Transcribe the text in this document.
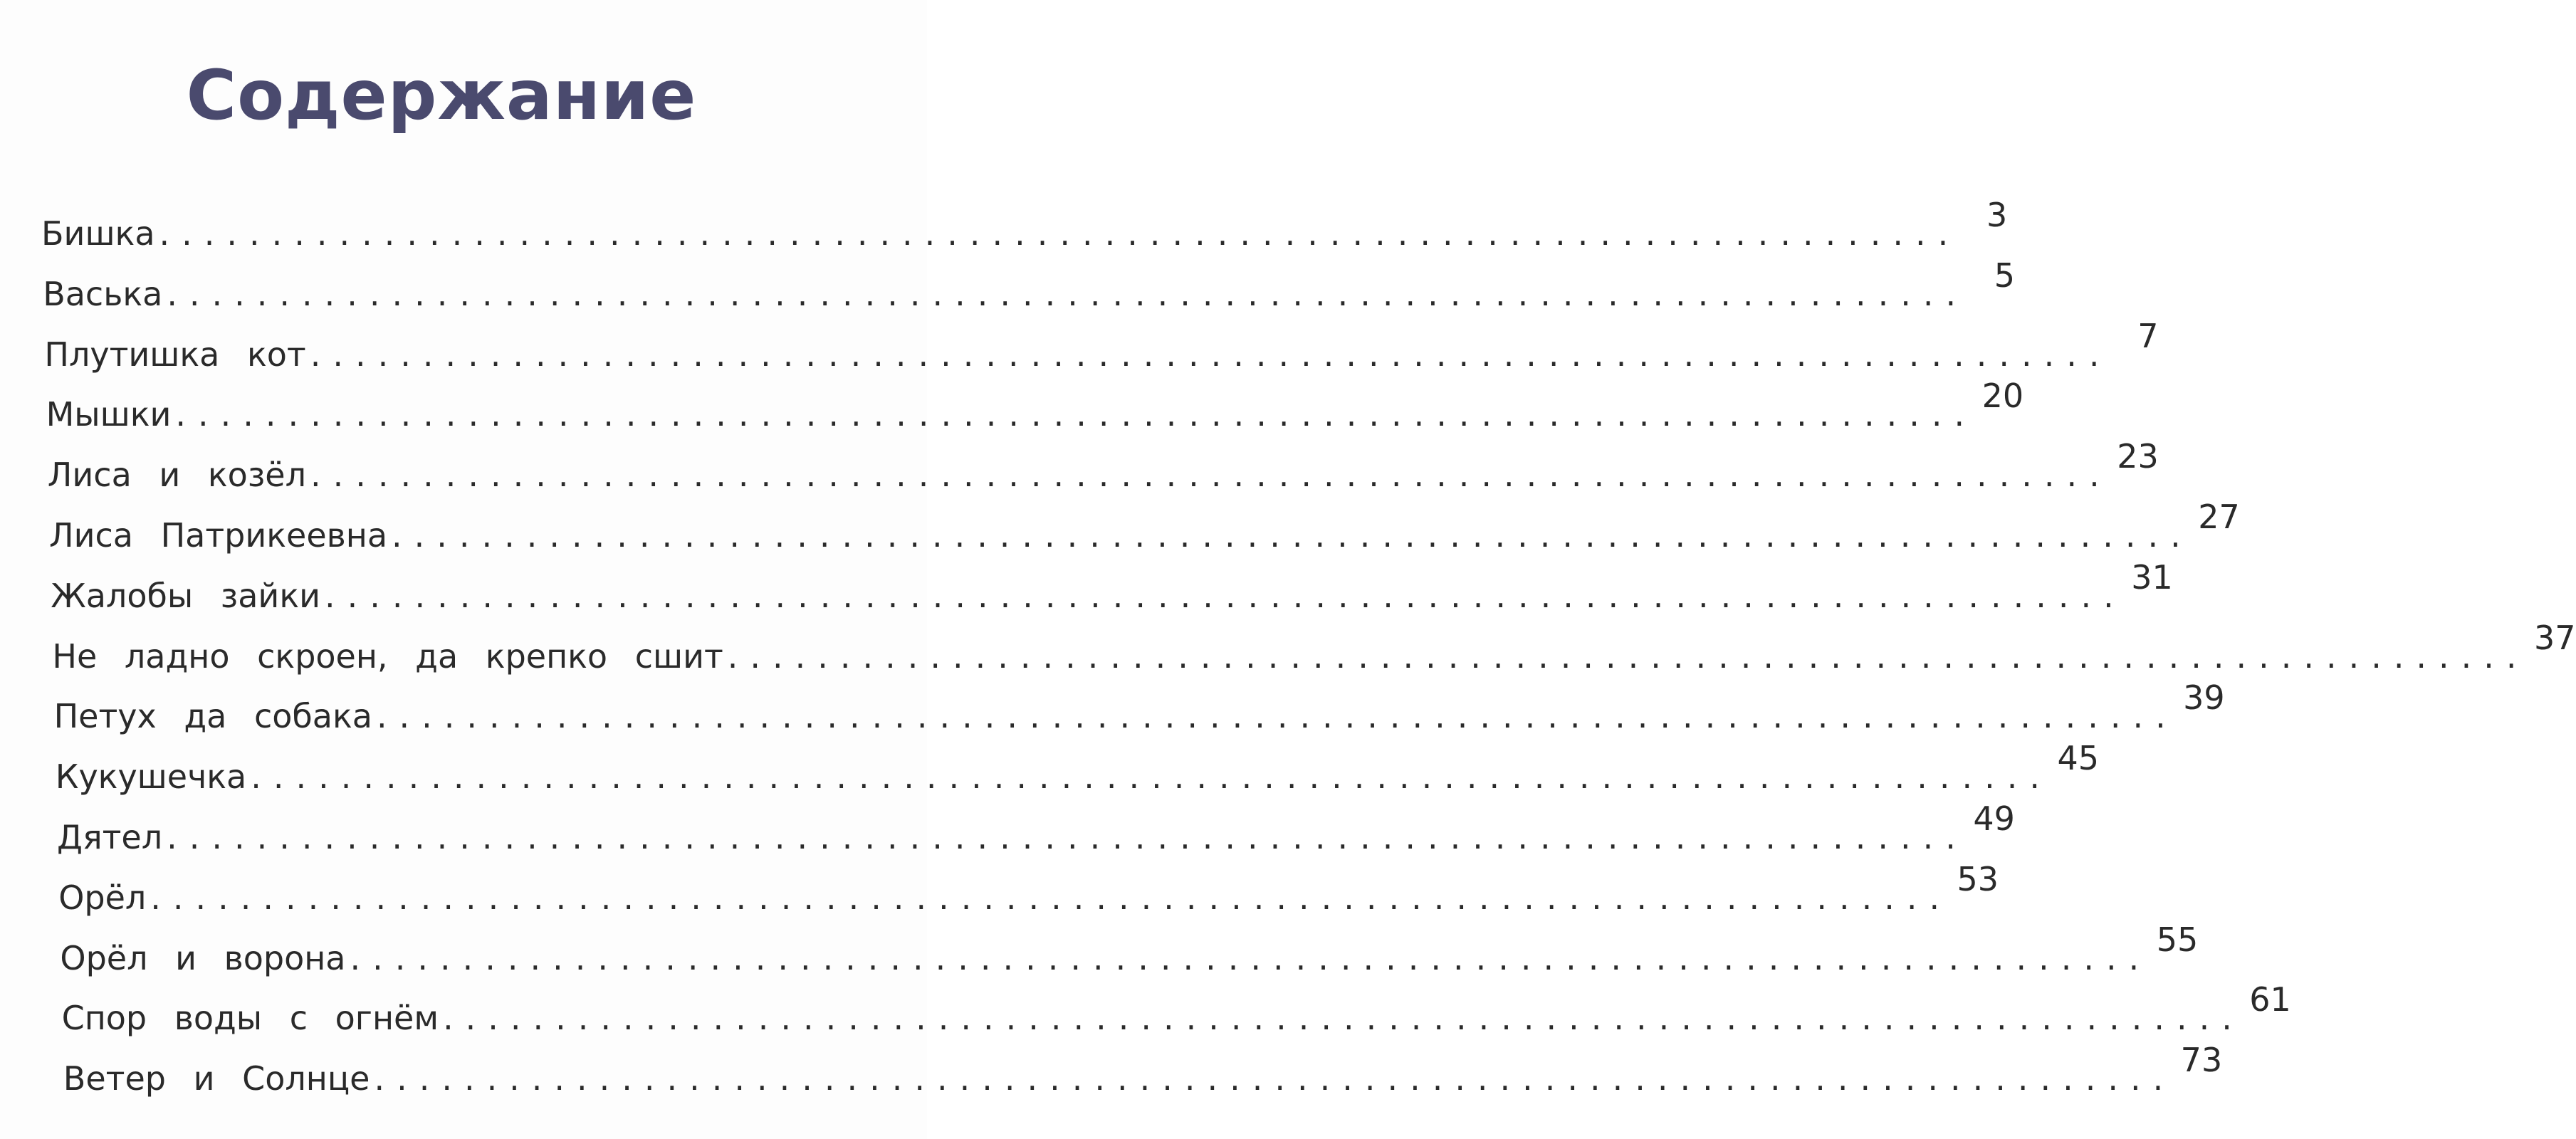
Содержание
Бишка ................................................................................ 3
Васька ................................................................................ 5
Плутишка кот ................................................................................ 7
Мышки ................................................................................ 20
Лиса и козёл ................................................................................ 23
Лиса Патрикеевна ................................................................................ 27
Жалобы зайки ................................................................................ 31
Не ладно скроен, да крепко сшит ................................................................................ 37
Петух да собака ................................................................................ 39
Кукушечка ................................................................................ 45
Дятел ................................................................................ 49
Орёл ................................................................................ 53
Орёл и ворона ................................................................................ 55
Спор воды с огнём ................................................................................ 61
Ветер и Солнце ................................................................................ 73
